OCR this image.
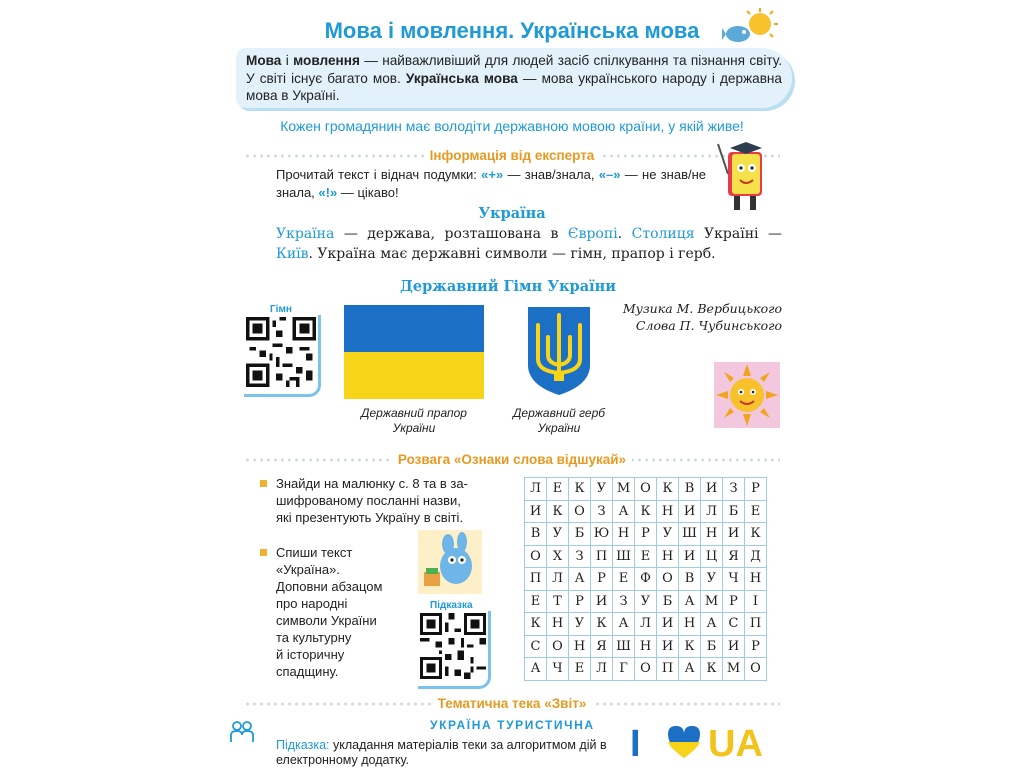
Мова і мовлення. Українська мова

Мова і мовлення — найважливіший для людей засіб спілкування та пізнання світу. У світі існує багато мов. Українська мова — мова українського народу і державна мова в Україні.

Кожен громадянин має володіти державною мовою країни, у якій живе!
Інформація від експерта
Прочитай текст і віднач подумки: «+» — знав/знала, «–» — не знав/не знала, «!» — цікаво!
Україна
Україна — держава, розташована в Європі. Столиця Україні — Київ. Україна має державні символи — гімн, прапор і герб.
Державний Гімн України
Музика М. Вербицького
Слова П. Чубинського
Гімн
Державний прапор
України
Державний герб
України
Розвага «Ознаки слова відшукай»
Знайди на малюнку с. 8 та в за-
шифрованому посланні назви,
які презентують Україну в світі.
Спиши текст
«Україна».
Доповни абзацом
про народні
символи України
та культурну
й історичну
спадщину.
Підказка
Л	Е	К	У	М	О	К	В	И	З	Р
И	К	О	З	А	К	Н	И	Л	Б	Е
В	У	Б	Ю	Н	Р	У	Ш	Н	И	К
О	Х	З	П	Ш	Е	Н	И	Ц	Я	Д
П	Л	А	Р	Е	Ф	О	В	У	Ч	Н
Е	Т	Р	И	З	У	Б	А	М	Р	І
К	Н	У	К	А	Л	И	Н	А	С	П
С	О	Н	Я	Ш	Н	И	К	Б	И	Р
А	Ч	Е	Л	Г	О	П	А	К	М	О
Тематична тека «Звіт»
УКРАЇНА ТУРИСТИЧНА
Підказка: укладання матеріалів теки за алгоритмом дій в електронному додатку.	I UA
